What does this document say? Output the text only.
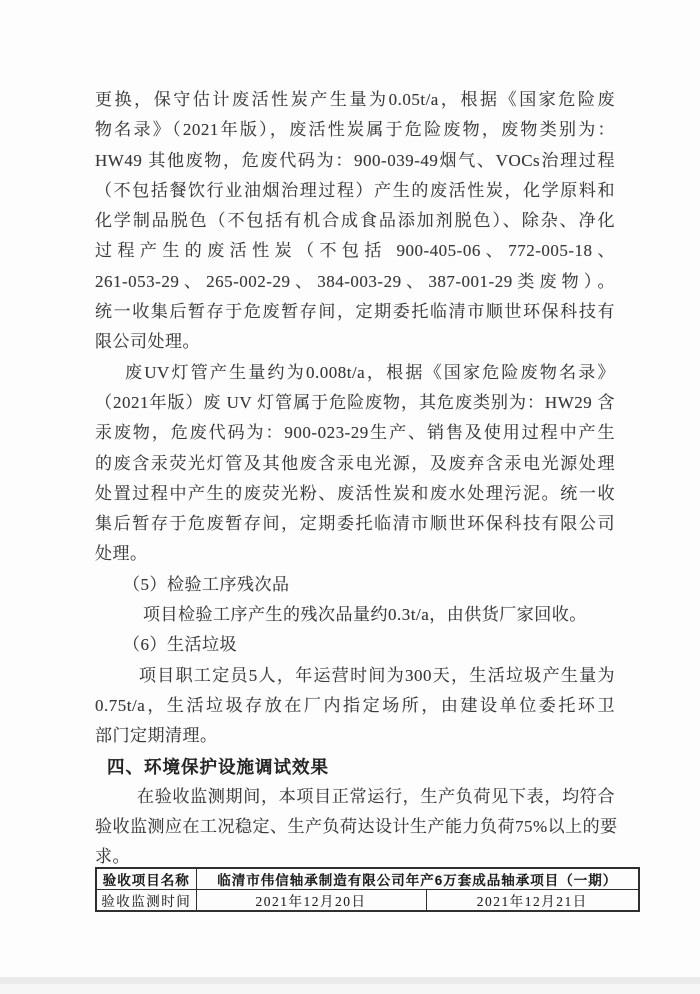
更换，保守估计废活性炭产生量为0.05t/a，根据《国家危险废
物名录》（2021年版），废活性炭属于危险废物，废物类别为：
HW49 其他废物，危废代码为：900-039-49烟气、VOCs治理过程
（不包括餐饮行业油烟治理过程）产生的废活性炭，化学原料和
化学制品脱色（不包括有机合成食品添加剂脱色）、除杂、净化
过程产生的废活性炭（不包括 900-405-06、772-005-18、
261-053-29、265-002-29、384-003-29、387-001-29类废物）。
统一收集后暂存于危废暂存间，定期委托临清市顺世环保科技有
限公司处理。
废UV灯管产生量约为0.008t/a，根据《国家危险废物名录》
（2021年版）废 UV 灯管属于危险废物，其危废类别为：HW29 含
汞废物，危废代码为：900-023-29生产、销售及使用过程中产生
的废含汞荧光灯管及其他废含汞电光源，及废弃含汞电光源处理
处置过程中产生的废荧光粉、废活性炭和废水处理污泥。统一收
集后暂存于危废暂存间，定期委托临清市顺世环保科技有限公司
处理。
（5）检验工序残次品
项目检验工序产生的残次品量约0.3t/a，由供货厂家回收。
（6）生活垃圾
项目职工定员5人，年运营时间为300天，生活垃圾产生量为
0.75t/a，生活垃圾存放在厂内指定场所，由建设单位委托环卫
部门定期清理。
四、环境保护设施调试效果
在验收监测期间，本项目正常运行，生产负荷见下表，均符合
验收监测应在工况稳定、生产负荷达设计生产能力负荷75%以上的要
求。
验收项目名称	临清市伟信轴承制造有限公司年产6万套成品轴承项目（一期）	
验收监测时间	2021年12月20日	2021年12月21日
